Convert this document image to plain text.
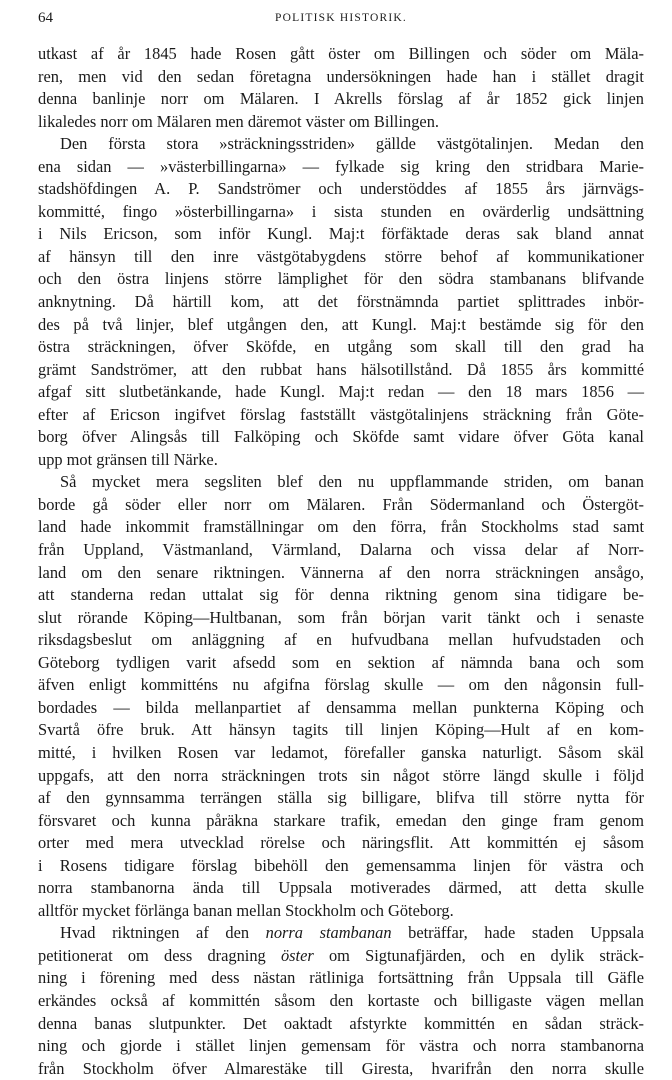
64	POLITISK HISTORIK.
utkast af år 1845 hade Rosen gått öster om Billingen och söder om Mäla-
ren, men vid den sedan företagna undersökningen hade han i stället dragit
denna banlinje norr om Mälaren. I Akrells förslag af år 1852 gick linjen
likaledes norr om Mälaren men däremot väster om Billingen.
Den första stora »sträckningsstriden» gällde västgötalinjen. Medan den
ena sidan — »västerbillingarna» — fylkade sig kring den stridbara Marie-
stadshöfdingen A. P. Sandströmer och understöddes af 1855 års järnvägs-
kommitté, fingo »österbillingarna» i sista stunden en ovärderlig undsättning
i Nils Ericson, som inför Kungl. Maj:t förfäktade deras sak bland annat
af hänsyn till den inre västgötabygdens större behof af kommunikationer
och den östra linjens större lämplighet för den södra stambanans blifvande
anknytning. Då härtill kom, att det förstnämnda partiet splittrades inbör-
des på två linjer, blef utgången den, att Kungl. Maj:t bestämde sig för den
östra sträckningen, öfver Sköfde, en utgång som skall till den grad ha
grämt Sandströmer, att den rubbat hans hälsotillstånd. Då 1855 års kommitté
afgaf sitt slutbetänkande, hade Kungl. Maj:t redan — den 18 mars 1856 —
efter af Ericson ingifvet förslag fastställt västgötalinjens sträckning från Göte-
borg öfver Alingsås till Falköping och Sköfde samt vidare öfver Göta kanal
upp mot gränsen till Närke.
Så mycket mera segsliten blef den nu uppflammande striden, om banan
borde gå söder eller norr om Mälaren. Från Södermanland och Östergöt-
land hade inkommit framställningar om den förra, från Stockholms stad samt
från Uppland, Västmanland, Värmland, Dalarna och vissa delar af Norr-
land om den senare riktningen. Vännerna af den norra sträckningen ansågo,
att standerna redan uttalat sig för denna riktning genom sina tidigare be-
slut rörande Köping—Hultbanan, som från början varit tänkt och i senaste
riksdagsbeslut om anläggning af en hufvudbana mellan hufvudstaden och
Göteborg tydligen varit afsedd som en sektion af nämnda bana och som
äfven enligt kommitténs nu afgifna förslag skulle — om den någonsin full-
bordades — bilda mellanpartiet af densamma mellan punkterna Köping och
Svartå öfre bruk. Att hänsyn tagits till linjen Köping—Hult af en kom-
mitté, i hvilken Rosen var ledamot, förefaller ganska naturligt. Såsom skäl
uppgafs, att den norra sträckningen trots sin något större längd skulle i följd
af den gynnsamma terrängen ställa sig billigare, blifva till större nytta för
försvaret och kunna påräkna starkare trafik, emedan den ginge fram genom
orter med mera utvecklad rörelse och näringsflit. Att kommittén ej såsom
i Rosens tidigare förslag bibehöll den gemensamma linjen för västra och
norra stambanorna ända till Uppsala motiverades därmed, att detta skulle
alltför mycket förlänga banan mellan Stockholm och Göteborg.
Hvad riktningen af den norra stambanan beträffar, hade staden Uppsala
petitionerat om dess dragning öster om Sigtunafjärden, och en dylik sträck-
ning i förening med dess nästan rätliniga fortsättning från Uppsala till Gäfle
erkändes också af kommittén såsom den kortaste och billigaste vägen mellan
denna banas slutpunkter. Det oaktadt afstyrkte kommittén en sådan sträck-
ning och gjorde i stället linjen gemensam för västra och norra stambanorna
från Stockholm öfver Almarestäke till Giresta, hvarifrån den norra skulle
